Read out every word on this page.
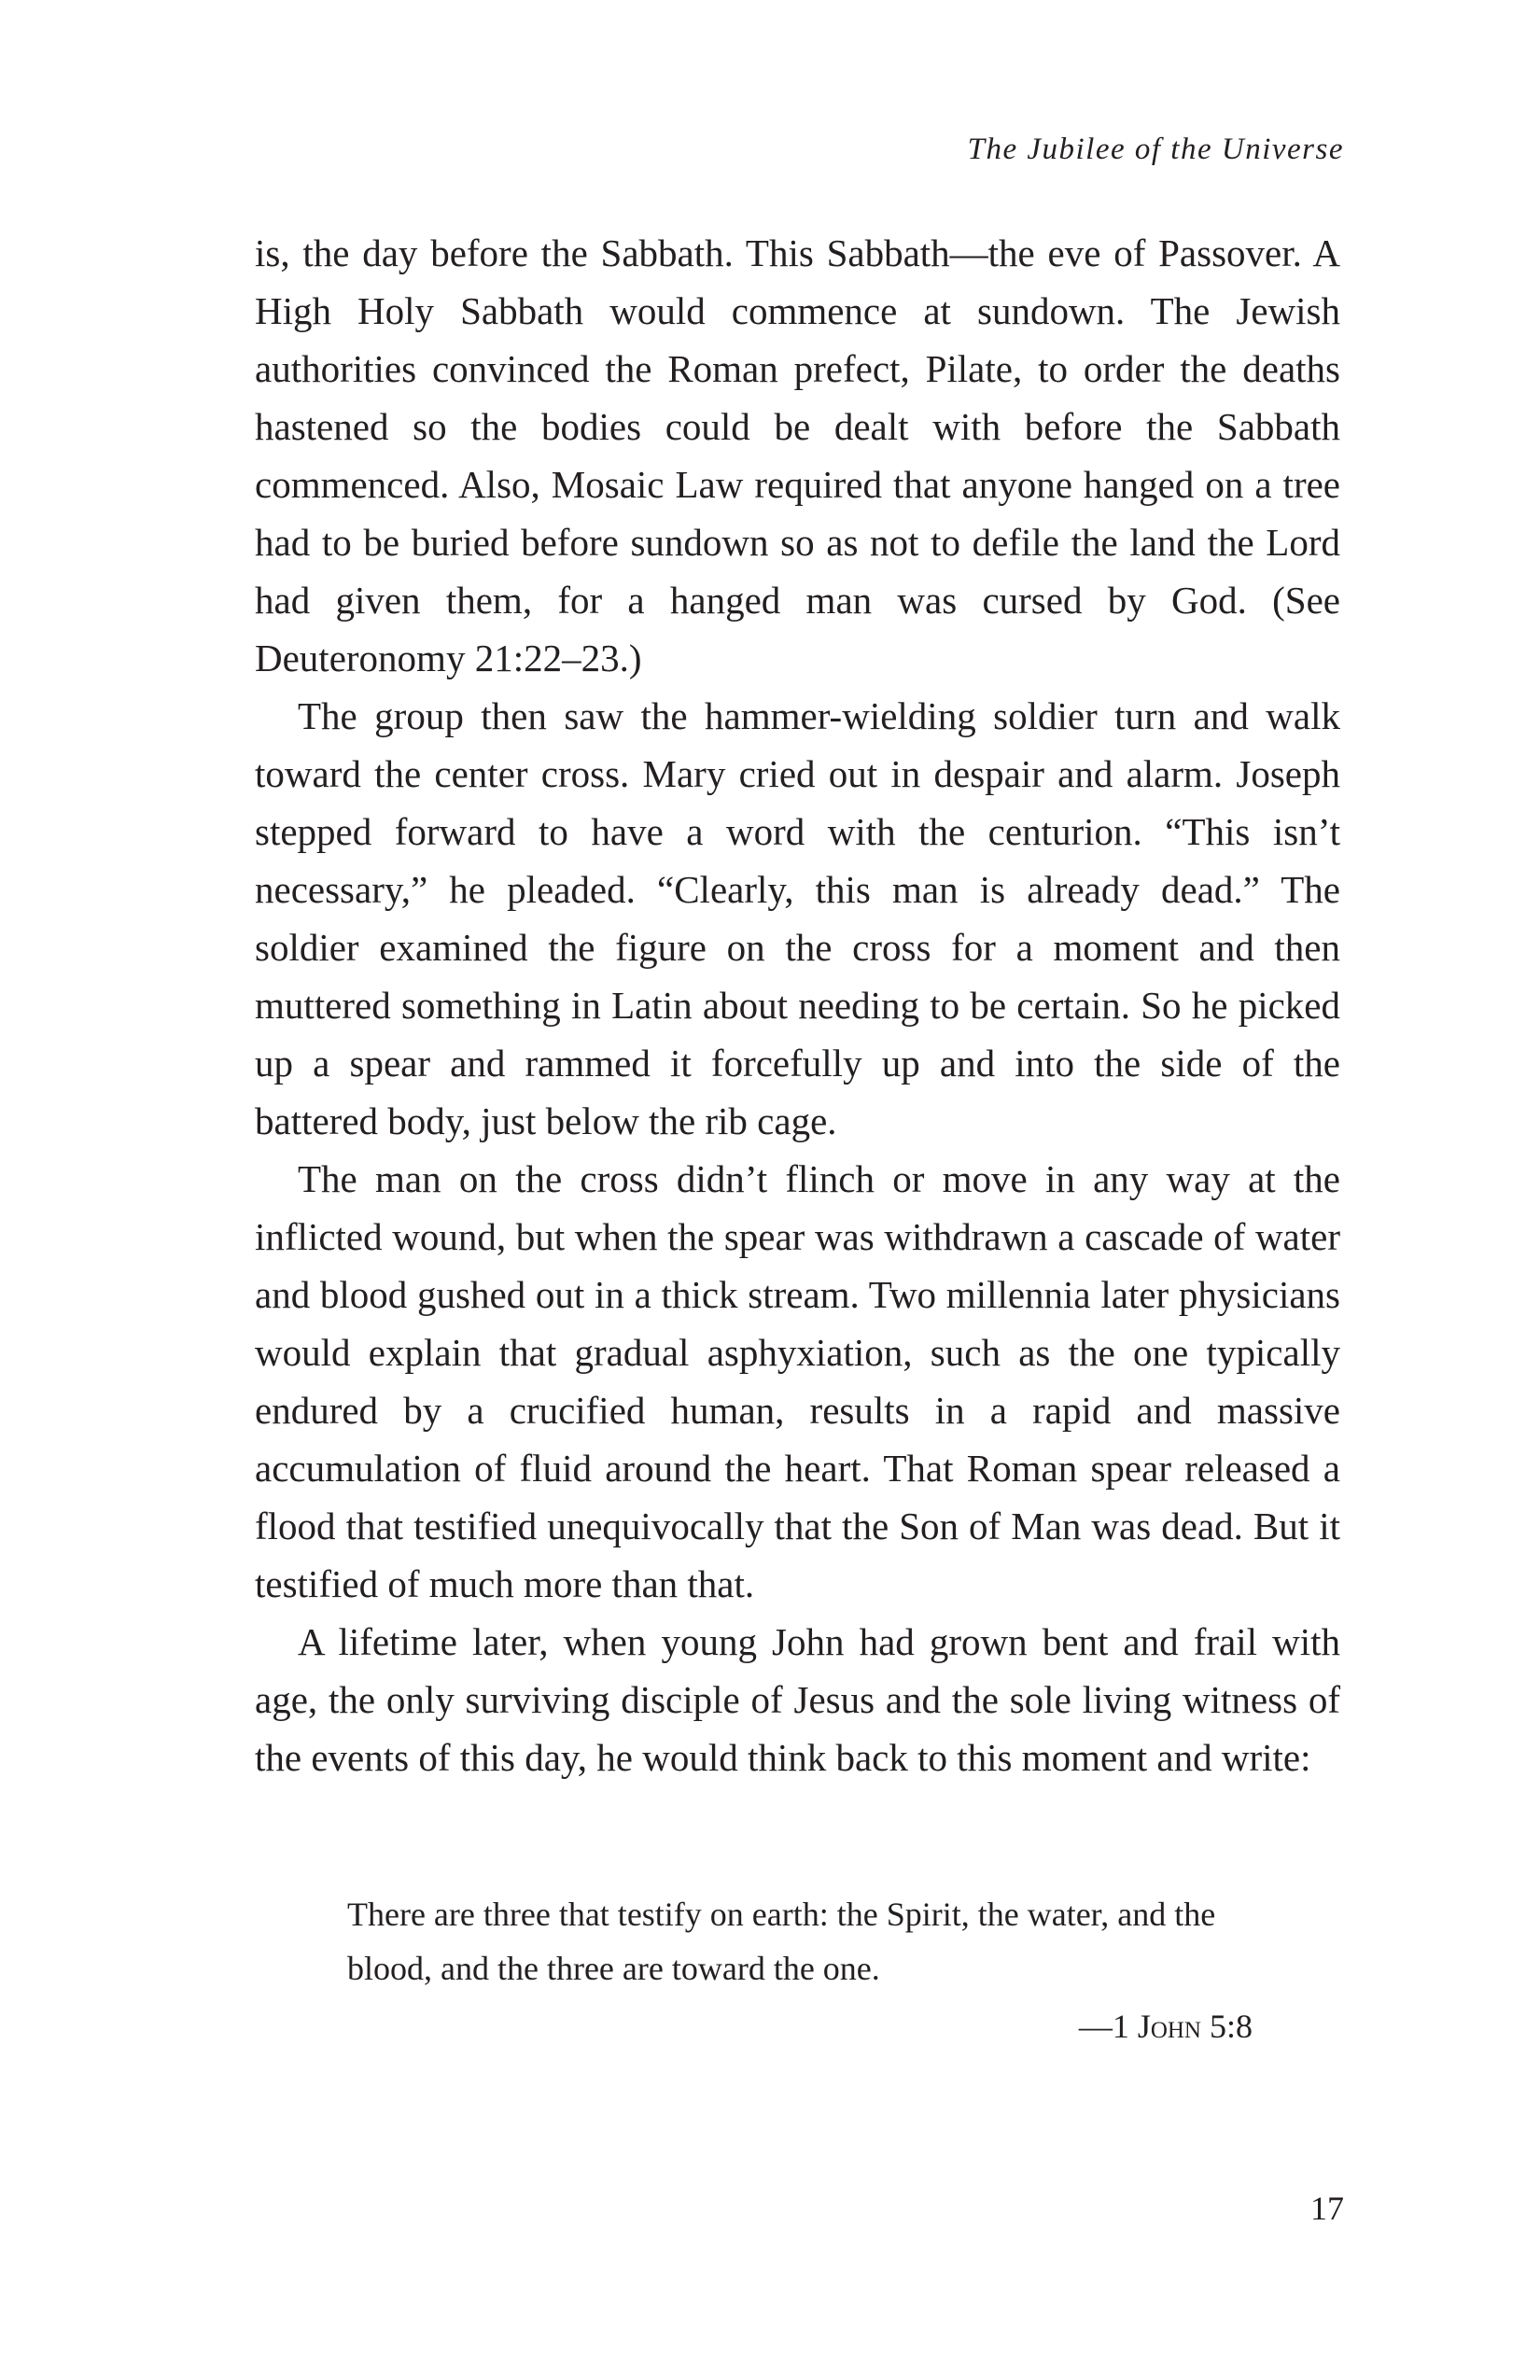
The Jubilee of the Universe

is, the day before the Sabbath. This Sabbath—the eve of Passover. A High Holy Sabbath would commence at sundown. The Jewish authorities convinced the Roman prefect, Pilate, to order the deaths hastened so the bodies could be dealt with before the Sabbath commenced. Also, Mosaic Law required that anyone hanged on a tree had to be buried before sundown so as not to defile the land the Lord had given them, for a hanged man was cursed by God. (See Deuteronomy 21:22–23.)

The group then saw the hammer-wielding soldier turn and walk toward the center cross. Mary cried out in despair and alarm. Joseph stepped forward to have a word with the centurion. “This isn’t necessary,” he pleaded. “Clearly, this man is already dead.” The soldier examined the figure on the cross for a moment and then muttered something in Latin about needing to be certain. So he picked up a spear and rammed it forcefully up and into the side of the battered body, just below the rib cage.

The man on the cross didn’t flinch or move in any way at the inflicted wound, but when the spear was withdrawn a cascade of water and blood gushed out in a thick stream. Two millennia later physicians would explain that gradual asphyxiation, such as the one typically endured by a crucified human, results in a rapid and massive accumulation of fluid around the heart. That Roman spear released a flood that testified unequivocally that the Son of Man was dead. But it testified of much more than that.

A lifetime later, when young John had grown bent and frail with age, the only surviving disciple of Jesus and the sole living witness of the events of this day, he would think back to this moment and write:

There are three that testify on earth: the Spirit, the water, and the blood, and the three are toward the one.

—1 John 5:8
17
